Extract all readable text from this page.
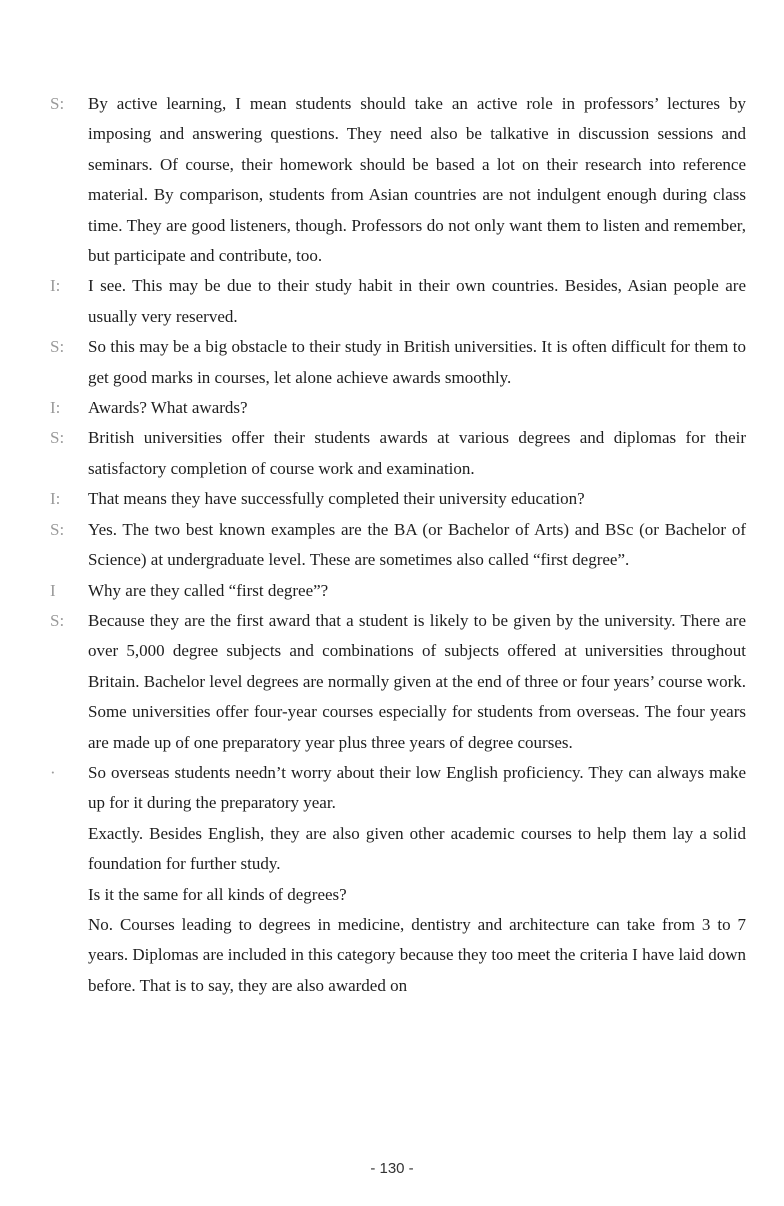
S:	By active learning, I mean students should take an active role in professors’ lectures by imposing and answering questions. They need also be talkative in discussion sessions and seminars. Of course, their homework should be based a lot on their research into reference material. By comparison, students from Asian countries are not indulgent enough during class time. They are good listeners, though. Professors do not only want them to listen and remember, but participate and contribute, too.

I:	I see. This may be due to their study habit in their own countries. Besides, Asian people are usually very reserved.

S:	So this may be a big obstacle to their study in British universities. It is often difficult for them to get good marks in courses, let alone achieve awards smoothly.

I:	Awards? What awards?

S:	British universities offer their students awards at various degrees and diplomas for their satisfactory completion of course work and examination.

I:	That means they have successfully completed their university education?

S:	Yes. The two best known examples are the BA (or Bachelor of Arts) and BSc (or Bachelor of Science) at undergraduate level. These are sometimes also called “first degree”.

I	Why are they called “first degree”?

S:	Because they are the first award that a student is likely to be given by the university. There are over 5,000 degree subjects and combinations of subjects offered at universities throughout Britain. Bachelor level degrees are normally given at the end of three or four years’ course work. Some universities offer four-year courses especially for students from overseas. The four years are made up of one preparatory year plus three years of degree courses.

·	So overseas students needn’t worry about their low English proficiency. They can always make up for it during the preparatory year.

Exactly. Besides English, they are also given other academic courses to help them lay a solid foundation for further study.

Is it the same for all kinds of degrees?

No. Courses leading to degrees in medicine, dentistry and architecture can take from 3 to 7 years. Diplomas are included in this category because they too meet the criteria I have laid down before. That is to say, they are also awarded on

- 130 -
